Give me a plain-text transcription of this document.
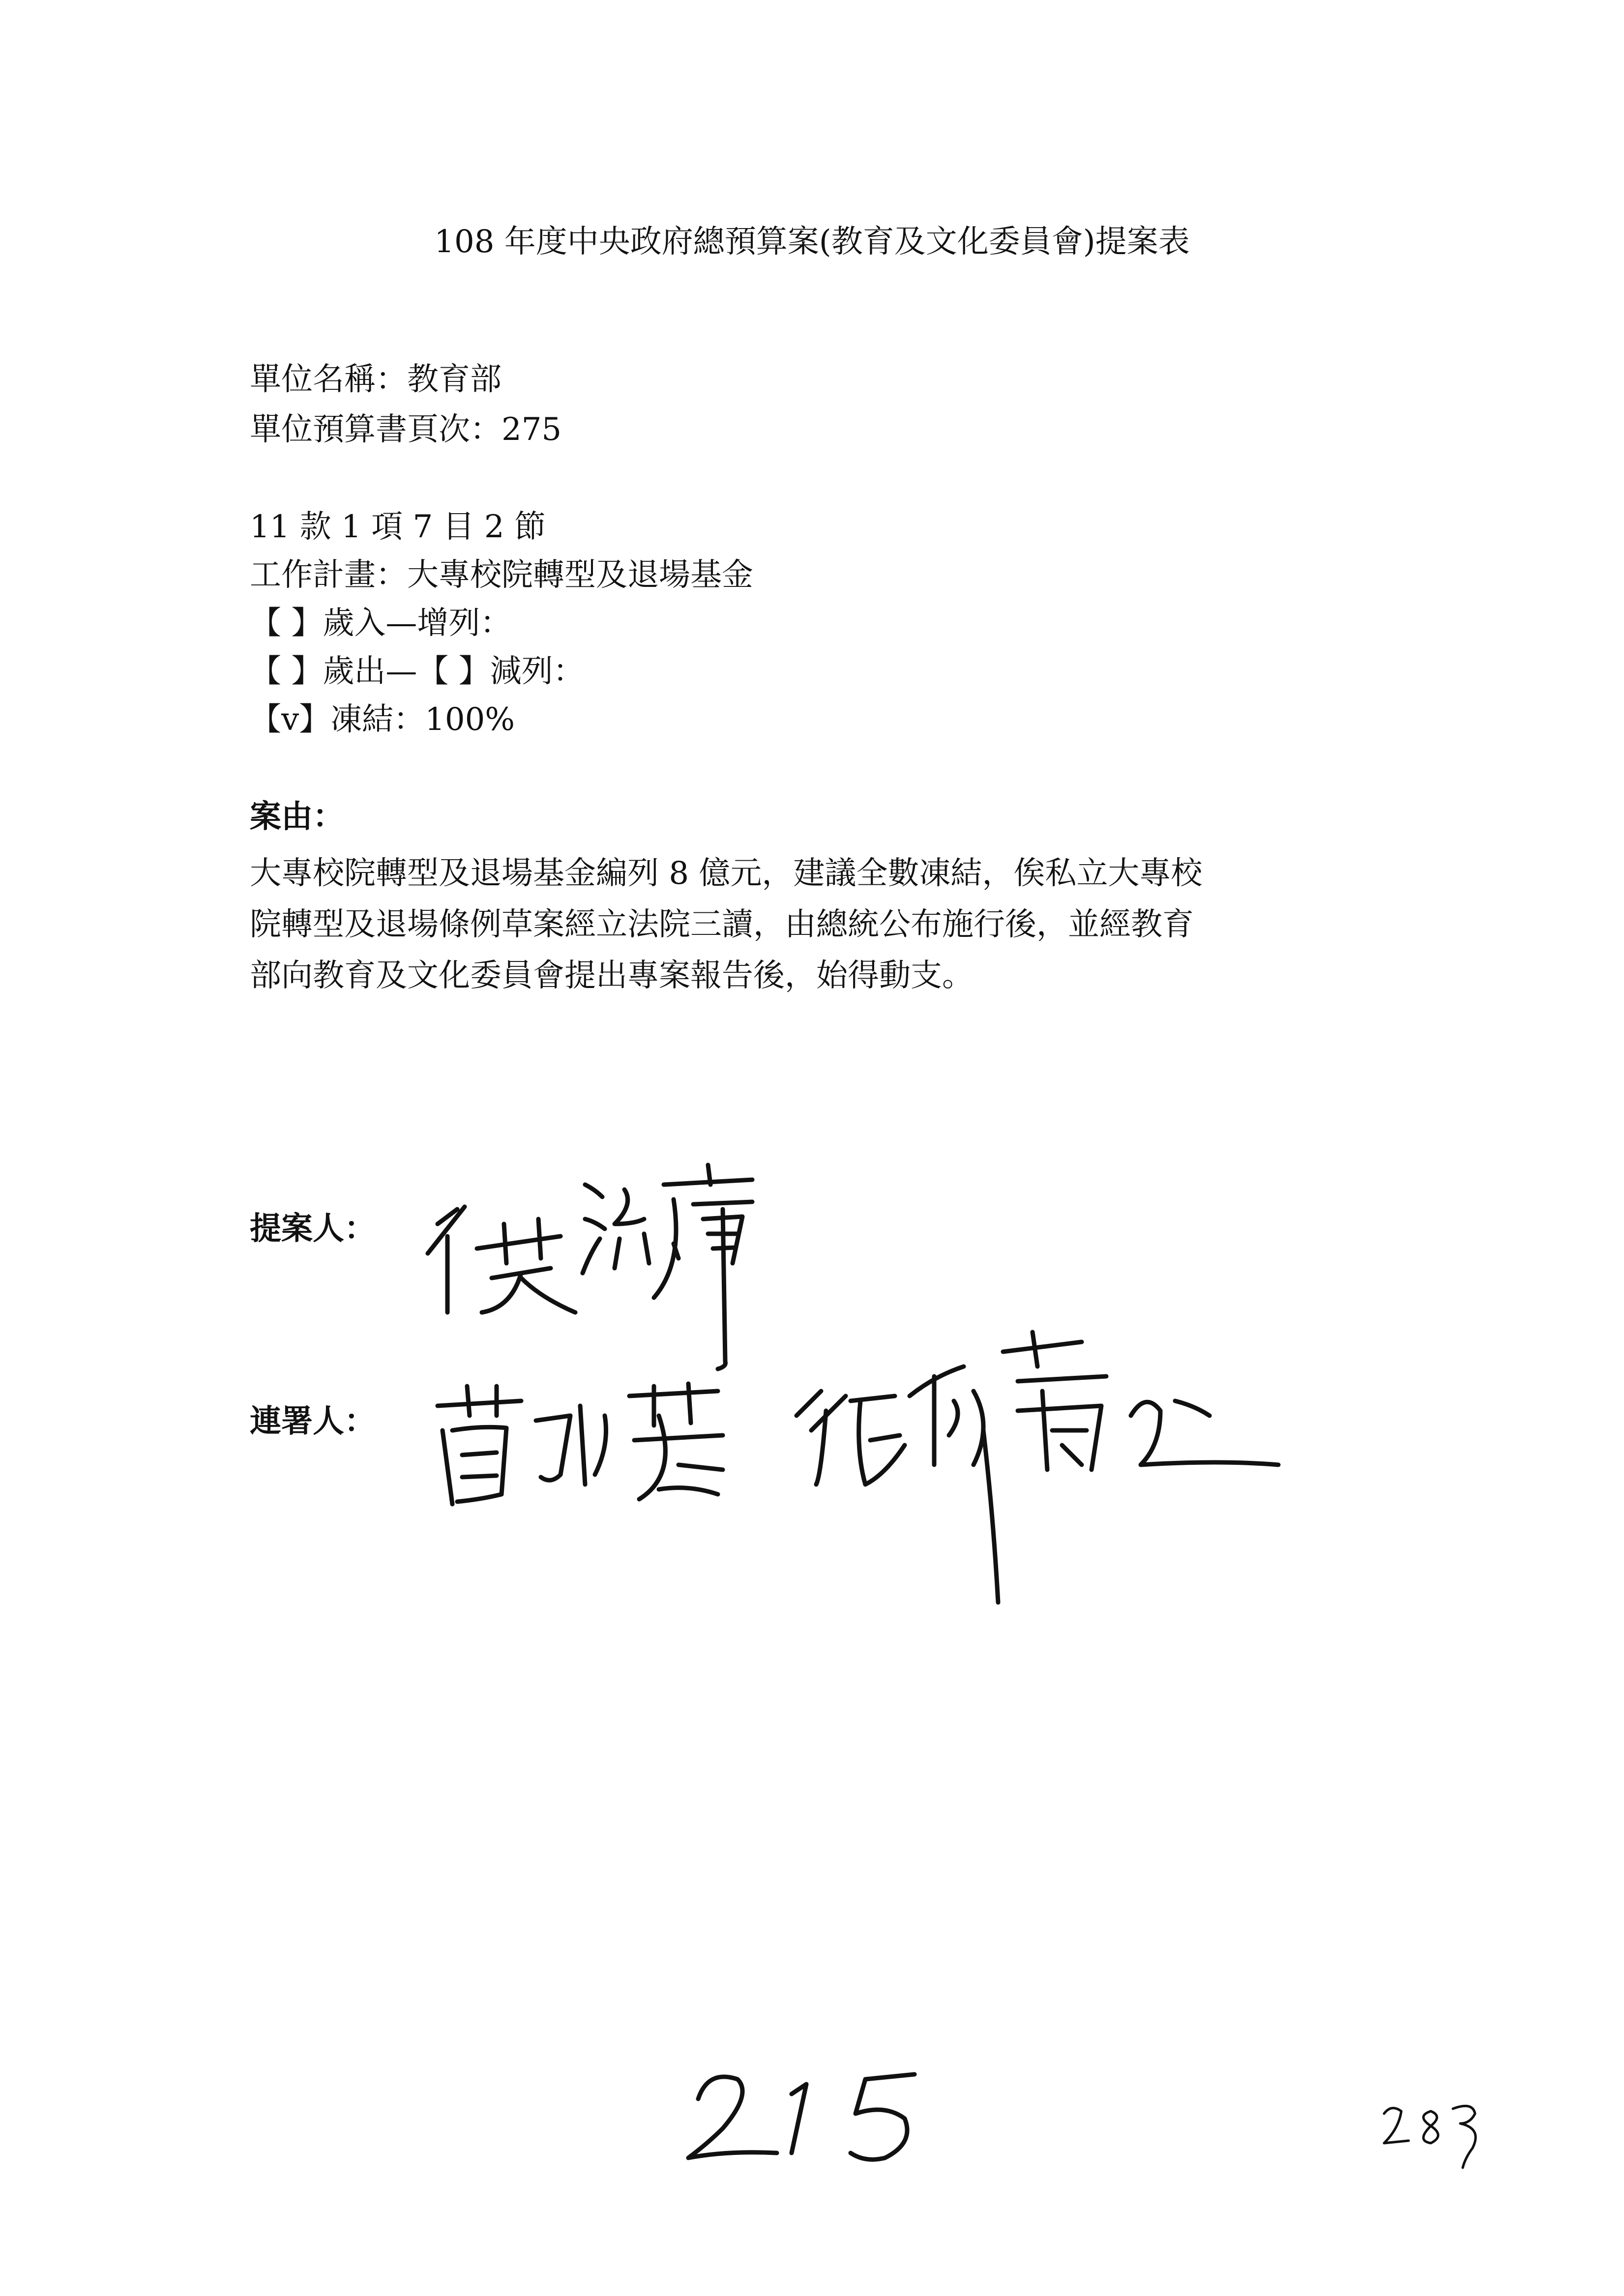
108 年度中央政府總預算案(教育及文化委員會)提案表
單位名稱：教育部
單位預算書頁次：275
11 款 1 項 7 目 2 節
工作計畫：大專校院轉型及退場基金
【 】歲入—增列：
【 】歲出—【 】減列：
【v】凍結：100%
案由：
大專校院轉型及退場基金編列 8 億元，建議全數凍結，俟私立大專校
院轉型及退場條例草案經立法院三讀，由總統公布施行後，並經教育
部向教育及文化委員會提出專案報告後，始得動支。
提案人：
連署人：
